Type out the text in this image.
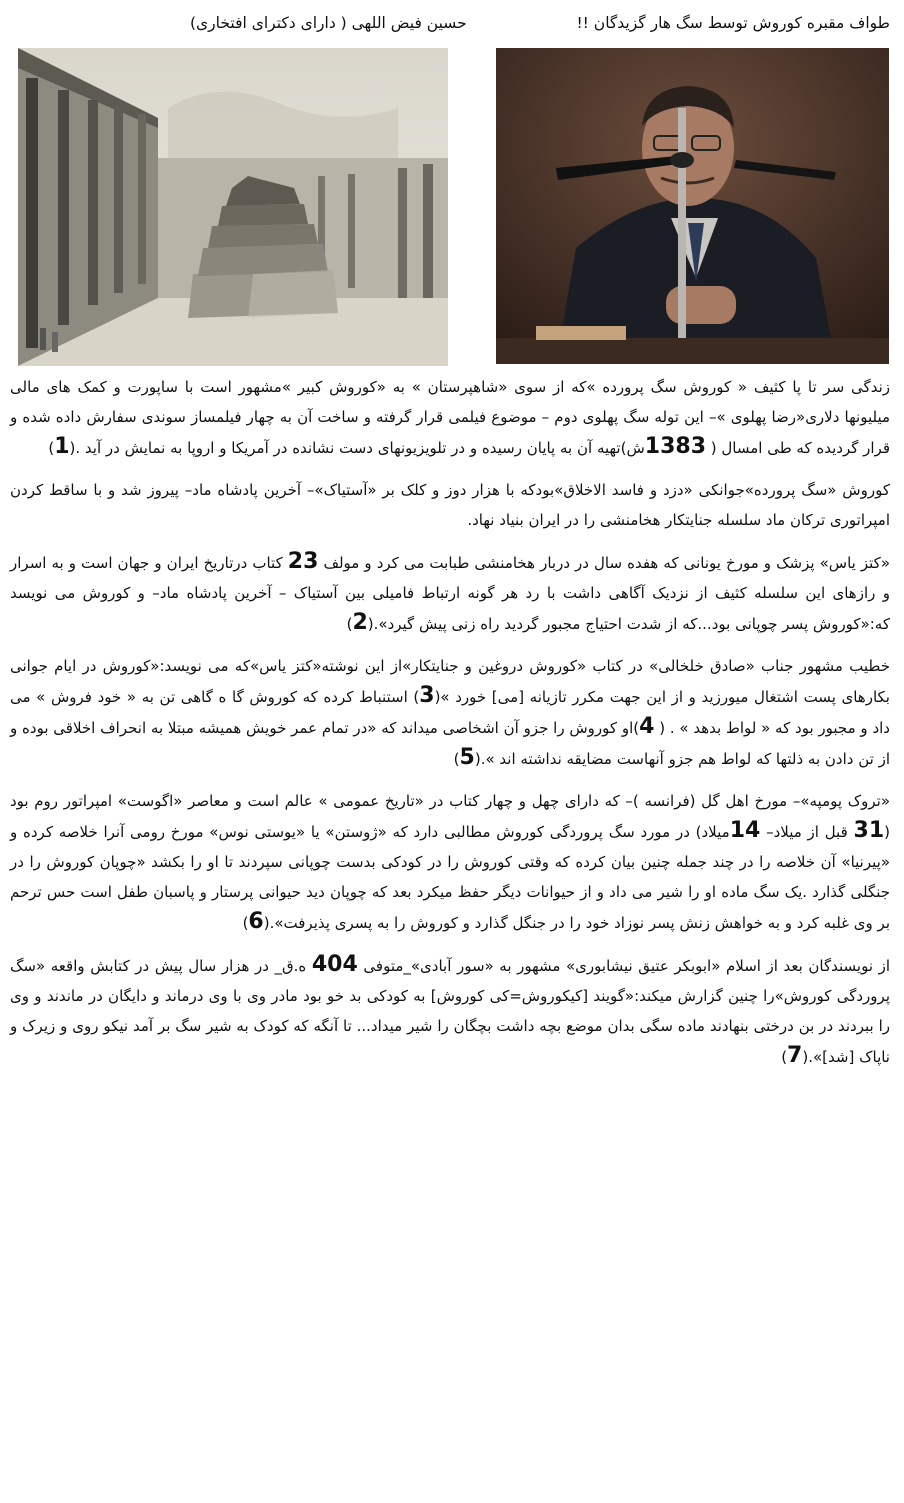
طواف مقبره کوروش توسط سگ هار گزیدگان !!
حسین فیض اللهی ( دارای دکترای افتخاری)

زندگی سر تا پا کثیف « کوروش سگ پرورده »که از سوی «شاهپرستان » به «کوروش کبیر »مشهور است با ساپورت و کمک های مالی میلیونها دلاری«رضا پهلوی »– این توله سگ پهلوی دوم – موضوع فیلمی قرار گرفته و ساخت آن به چهار فیلمساز سوندی سفارش داده شده و قرار گردیده که طی امسال ( 1383ش)تهیه آن به پایان رسیده و در تلویزیونهای دست نشانده در آمریکا و اروپا به نمایش در آید .(1)

کوروش «سگ پرورده»جوانکی «دزد و فاسد الاخلاق»بودکه با هزار دوز و کلک بر «آستیاک»– آخرین پادشاه ماد– پیروز شد و با ساقط کردن امپراتوری ترکان ماد سلسله جنایتکار هخامنشی را در ایران بنیاد نهاد.

«کتز یاس» پزشک و مورخ یونانی که هفده سال در دربار هخامنشی طبابت می کرد و مولف 23 کتاب درتاریخ ایران و جهان است و به اسرار و رازهای این سلسله کثیف از نزدیک آگاهی داشت با رد هر گونه ارتباط فامیلی بین آستیاک – آخرین پادشاه ماد– و کوروش می نویسد که:«کوروش پسر چوپانی بود...که از شدت احتیاج مجبور گردید راه زنی پیش گیرد».(2)

خطیب مشهور جناب «صادق خلخالی» در کتاب «کوروش دروغین و جنایتکار»از این نوشته«کتز یاس»که می نویسد:«کوروش در ایام جوانی بکارهای پست اشتغال میورزید و از این جهت مکرر تازیانه [می] خورد »(3) استنباط کرده که کوروش گا ه گاهی تن به « خود فروش » می داد و مجبور بود که « لواط بدهد » . ( 4)او کوروش را جزو آن اشخاصی میداند که «در تمام عمر خویش همیشه مبتلا به انحراف اخلاقی بوده و از تن دادن به ذلتها که لواط هم جزو آنهاست مضایقه نداشته اند ».(5)

«تروک پومپه»– مورخ اهل گل (فرانسه )– که دارای چهل و چهار کتاب در «تاریخ عمومی » عالم است و معاصر «اگوست» امپراتور روم بود (31 قبل از میلاد– 14میلاد) در مورد سگ پروردگی کوروش مطالبی دارد که «ژوستن» یا «یوستی نوس» مورخ رومی آنرا خلاصه کرده و «پیرنیا» آن خلاصه را در چند جمله چنین بیان کرده که وقتی کوروش را در کودکی بدست چوپانی سپردند تا او را بکشد «چوپان کوروش را در جنگلی گذارد .یک سگ ماده او را شیر می داد و از حیوانات دیگر حفظ میکرد بعد که چوپان دید حیوانی پرستار و پاسبان طفل است حس ترحم بر وی غلبه کرد و به خواهش زنش پسر نوزاد خود را در جنگل گذارد و کوروش را به پسری پذیرفت».(6)

از نویسندگان بعد از اسلام «ابوبکر عتیق نیشابوری» مشهور به «سور آبادی»_متوفی 404 ه.ق_ در هزار سال پیش در کتابش واقعه «سگ پروردگی کوروش»را چنین گزارش میکند:«گویند [کیکوروش=کی کوروش] به کودکی بد خو بود مادر وی با وی درماند و دایگان در ماندند و وی را ببردند در بن درختی بنهادند ماده سگی بدان موضع بچه داشت بچگان را شیر میداد... تا آنگه که کودک به شیر سگ بر آمد نیکو روی و زیرک و ناپاک [شد]».(7)
